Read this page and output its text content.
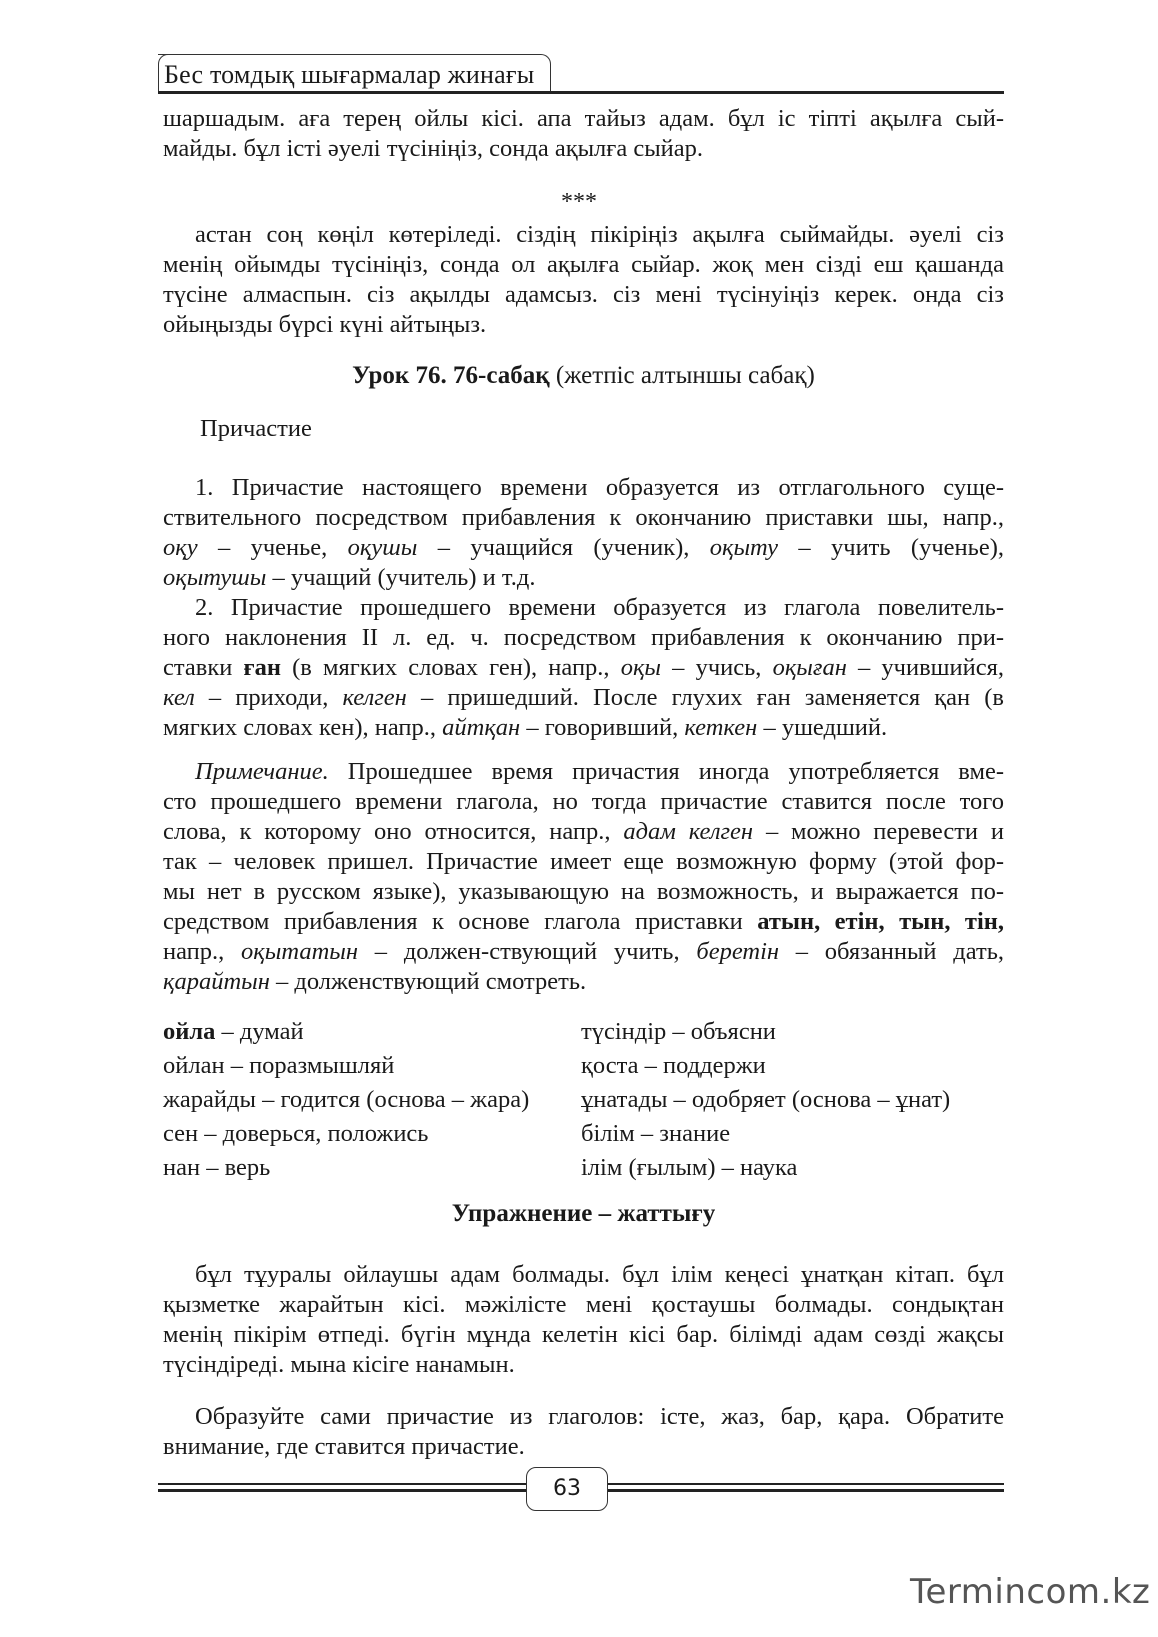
Бес томдық шығармалар жинағы
шаршадым. аға терең ойлы кісі. апа тайыз адам. бұл іс тіпті ақылға сый-
майды. бұл істі әуелі түсініңіз, сонда ақылға сыйар.
***
астан соң көңіл көтеріледі. сіздің пікіріңіз ақылға сыймайды. әуелі сіз
менің ойымды түсініңіз, сонда ол ақылға сыйар. жоқ мен сізді еш қашанда
түсіне алмаспын. сіз ақылды адамсыз. сіз мені түсінуіңіз керек. онда сіз
ойыңызды бүрсі күні айтыңыз.
Урок 76. 76-сабақ (жетпіс алтыншы сабақ)
Причастие
1. Причастие настоящего времени образуется из отглагольного суще-
ствительного посредством прибавления к окончанию приставки шы, напр.,
оқу – ученье, оқушы – учащийся (ученик), оқыту – учить (ученье),
оқытушы – учащий (учитель) и т.д.
2. Причастие прошедшего времени образуется из глагола повелитель-
ного наклонения II л. ед. ч. посредством прибавления к окончанию при-
ставки ған (в мягких словах ген), напр., оқы – учись, оқыған – учившийся,
кел – приходи, келген – пришедший. После глухих ған заменяется қан (в
мягких словах кен), напр., айтқан – говоривший, кеткен – ушедший.
Примечание. Прошедшее время причастия иногда употребляется вме-
сто прошедшего времени глагола, но тогда причастие ставится после того
слова, к которому оно относится, напр., адам келген – можно перевести и
так – человек пришел. Причастие имеет еще возможную форму (этой фор-
мы нет в русском языке), указывающую на возможность, и выражается по-
средством прибавления к основе глагола приставки атын, етін, тын, тін,
напр., оқытатын – должен-ствующий учить, беретін – обязанный дать,
қарайтын – долженствующий смотреть.
ойла – думай
ойлан – поразмышляй
жарайды – годится (основа – жара)
сен – доверься, положись
нан – верь
түсіндір – объясни
қоста – поддержи
ұнатады – одобряет (основа – ұнат)
білім – знание
ілім (ғылым) – наука
Упражнение – жаттығу
бұл тұуралы ойлаушы адам болмады. бұл ілім кеңесі ұнатқан кітап. бұл
қызметке жарайтын кісі. мәжілісте мені қостаушы болмады. сондықтан
менің пікірім өтпеді. бүгін мұнда келетін кісі бар. білімді адам сөзді жақсы
түсіндіреді. мына кісіге нанамын.
Образуйте сами причастие из глаголов: істе, жаз, бар, қара. Обратите
внимание, где ставится причастие.
63
Termincom.kz
